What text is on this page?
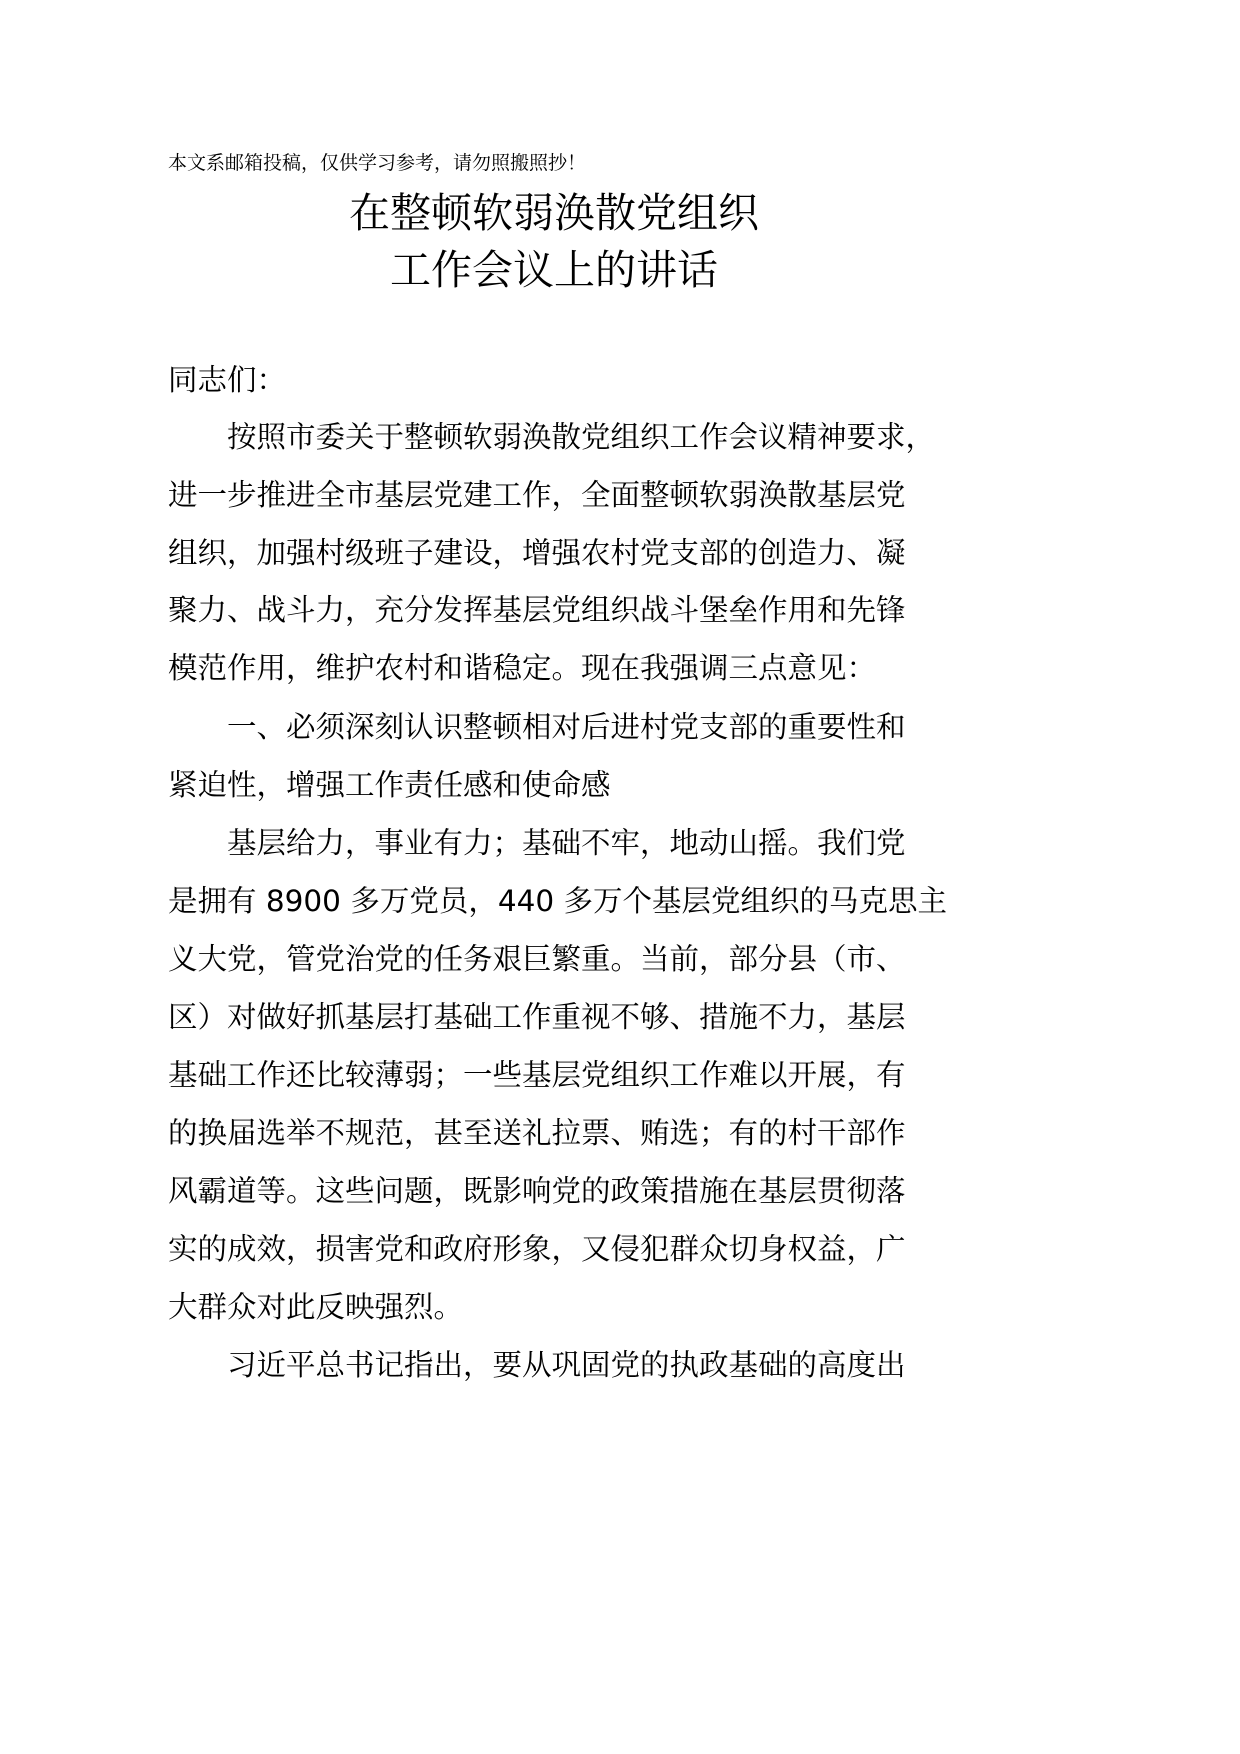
本文系邮箱投稿，仅供学习参考，请勿照搬照抄！
在整顿软弱涣散党组织
工作会议上的讲话
同志们：
按照市委关于整顿软弱涣散党组织工作会议精神要求，
进一步推进全市基层党建工作，全面整顿软弱涣散基层党
组织，加强村级班子建设，增强农村党支部的创造力、凝
聚力、战斗力，充分发挥基层党组织战斗堡垒作用和先锋
模范作用，维护农村和谐稳定。现在我强调三点意见：
一、必须深刻认识整顿相对后进村党支部的重要性和
紧迫性，增强工作责任感和使命感
基层给力，事业有力；基础不牢，地动山摇。我们党
是拥有 8900 多万党员，440 多万个基层党组织的马克思主
义大党，管党治党的任务艰巨繁重。当前，部分县（市、
区）对做好抓基层打基础工作重视不够、措施不力，基层
基础工作还比较薄弱；一些基层党组织工作难以开展，有
的换届选举不规范，甚至送礼拉票、贿选；有的村干部作
风霸道等。这些问题，既影响党的政策措施在基层贯彻落
实的成效，损害党和政府形象，又侵犯群众切身权益，广
大群众对此反映强烈。
习近平总书记指出，要从巩固党的执政基础的高度出
